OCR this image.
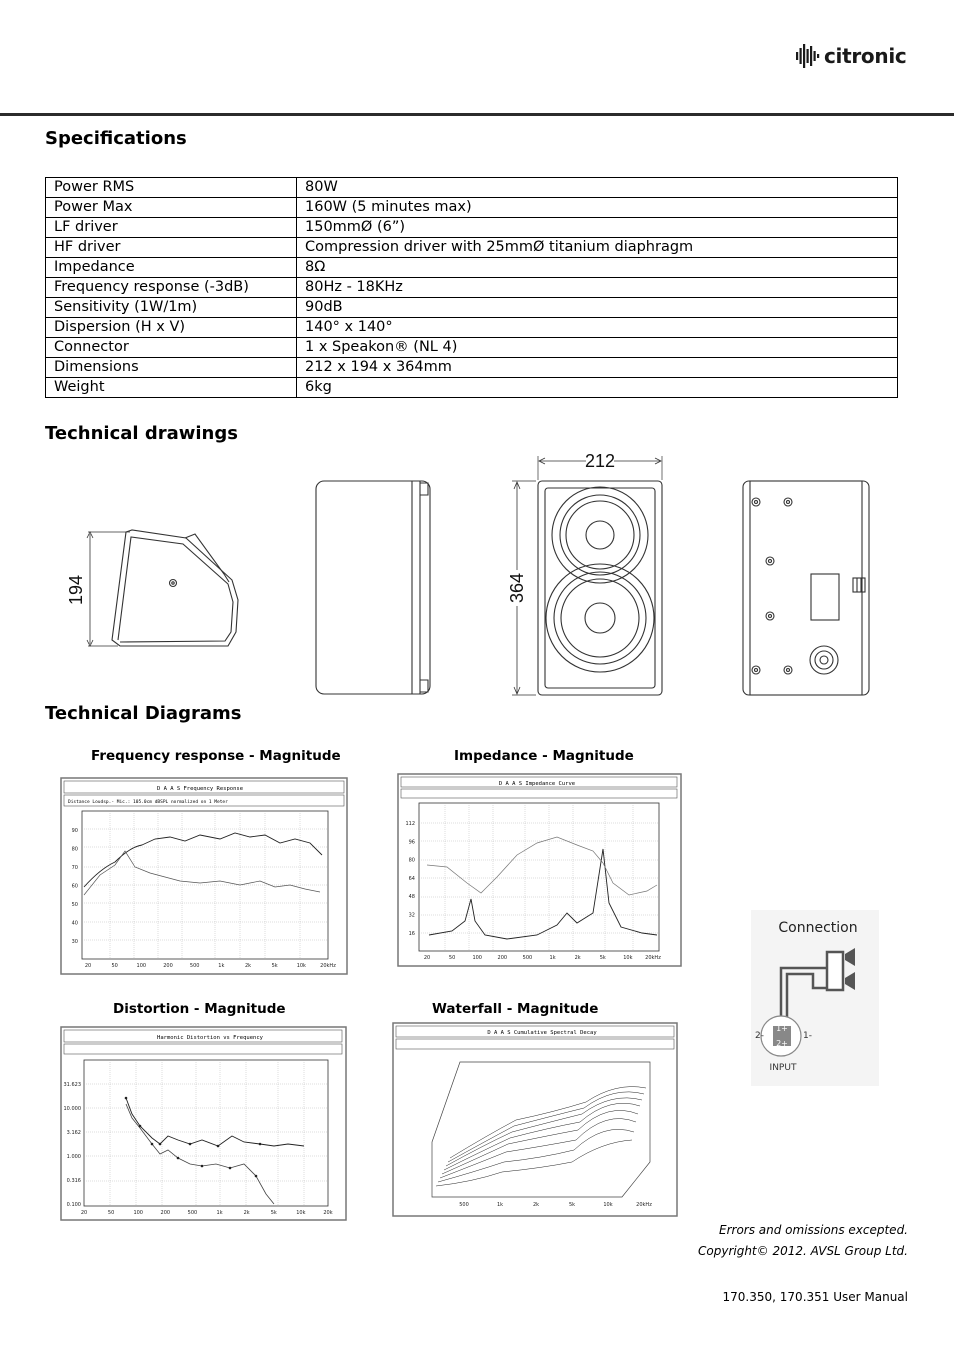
citronic
Specifications
Power RMS	80W
Power Max	160W (5 minutes max)
LF driver	150mmØ (6”)
HF driver	Compression driver with 25mmØ titanium diaphragm
Impedance	8Ω
Frequency response (-3dB)	80Hz - 18KHz
Sensitivity (1W/1m)	90dB
Dispersion (H x V)	140° x 140°
Connector	1 x Speakon® (NL 4)
Dimensions	212 x 194 x 364mm
Weight	6kg
Technical drawings
194	364
212
Technical Diagrams
Frequency response - Magnitude	Impedance - Magnitude
Distortion - Magnitude	Waterfall - Magnitude
D A A S Frequency Response
Distance Loudsp.- Mic.: 105.0cm dBSPL normalized on 1 Meter
90
80
70
60
50
40
30
20	50	100	200	500	1k	2k	5k	10k	20kHz
D A A S Impedance Curve
112
96
80
64
48
32
16
20	50	100	200	500	1k	2k	5k	10k	20kHz
Harmonic Distortion vs Frequency
31.623
10.000
3.162
1.000
0.316
0.100
20	50	100	200	500	1k	2k	5k	10k	20k
D A A S Cumulative Spectral Decay
500	1k	2k	5k	10k	20kHz
Connection
1+
2+
2-	1-
INPUT
Errors and omissions excepted.
Copyright© 2012. AVSL Group Ltd.
170.350, 170.351 User Manual
